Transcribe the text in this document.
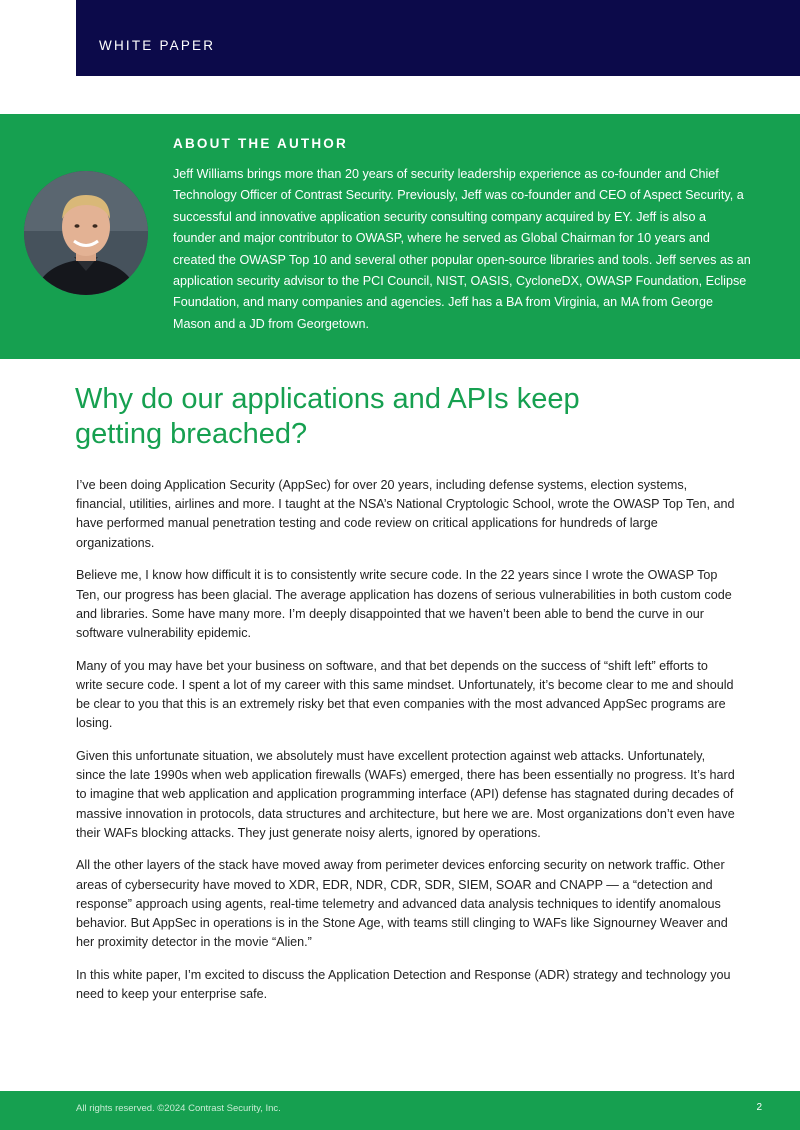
WHITE PAPER
ABOUT THE AUTHOR
Jeff Williams brings more than 20 years of security leadership experience as co-founder and Chief Technology Officer of Contrast Security. Previously, Jeff was co-founder and CEO of Aspect Security, a successful and innovative application security consulting company acquired by EY. Jeff is also a founder and major contributor to OWASP, where he served as Global Chairman for 10 years and created the OWASP Top 10 and several other popular open-source libraries and tools. Jeff serves as an application security advisor to the PCI Council, NIST, OASIS, CycloneDX, OWASP Foundation, Eclipse Foundation, and many companies and agencies. Jeff has a BA from Virginia, an MA from George Mason and a JD from Georgetown.
Why do our applications and APIs keep getting breached?

I’ve been doing Application Security (AppSec) for over 20 years, including defense systems, election systems, financial, utilities, airlines and more. I taught at the NSA’s National Cryptologic School, wrote the OWASP Top Ten, and have performed manual penetration testing and code review on critical applications for hundreds of large organizations.

Believe me, I know how difficult it is to consistently write secure code. In the 22 years since I wrote the OWASP Top Ten, our progress has been glacial. The average application has dozens of serious vulnerabilities in both custom code and libraries. Some have many more. I’m deeply disappointed that we haven’t been able to bend the curve in our software vulnerability epidemic.

Many of you may have bet your business on software, and that bet depends on the success of “shift left” efforts to write secure code. I spent a lot of my career with this same mindset. Unfortunately, it’s become clear to me and should be clear to you that this is an extremely risky bet that even companies with the most advanced AppSec programs are losing.

Given this unfortunate situation, we absolutely must have excellent protection against web attacks. Unfortunately, since the late 1990s when web application firewalls (WAFs) emerged, there has been essentially no progress. It’s hard to imagine that web application and application programming interface (API) defense has stagnated during decades of massive innovation in protocols, data structures and architecture, but here we are. Most organizations don’t even have their WAFs blocking attacks. They just generate noisy alerts, ignored by operations.

All the other layers of the stack have moved away from perimeter devices enforcing security on network traffic. Other areas of cybersecurity have moved to XDR, EDR, NDR, CDR, SDR, SIEM, SOAR and CNAPP — a “detection and response” approach using agents, real-time telemetry and advanced data analysis techniques to identify anomalous behavior. But AppSec in operations is in the Stone Age, with teams still clinging to WAFs like Signourney Weaver and her proximity detector in the movie “Alien.”

In this white paper, I’m excited to discuss the Application Detection and Response (ADR) strategy and technology you need to keep your enterprise safe.

All rights reserved. ©2024 Contrast Security, Inc.	2
